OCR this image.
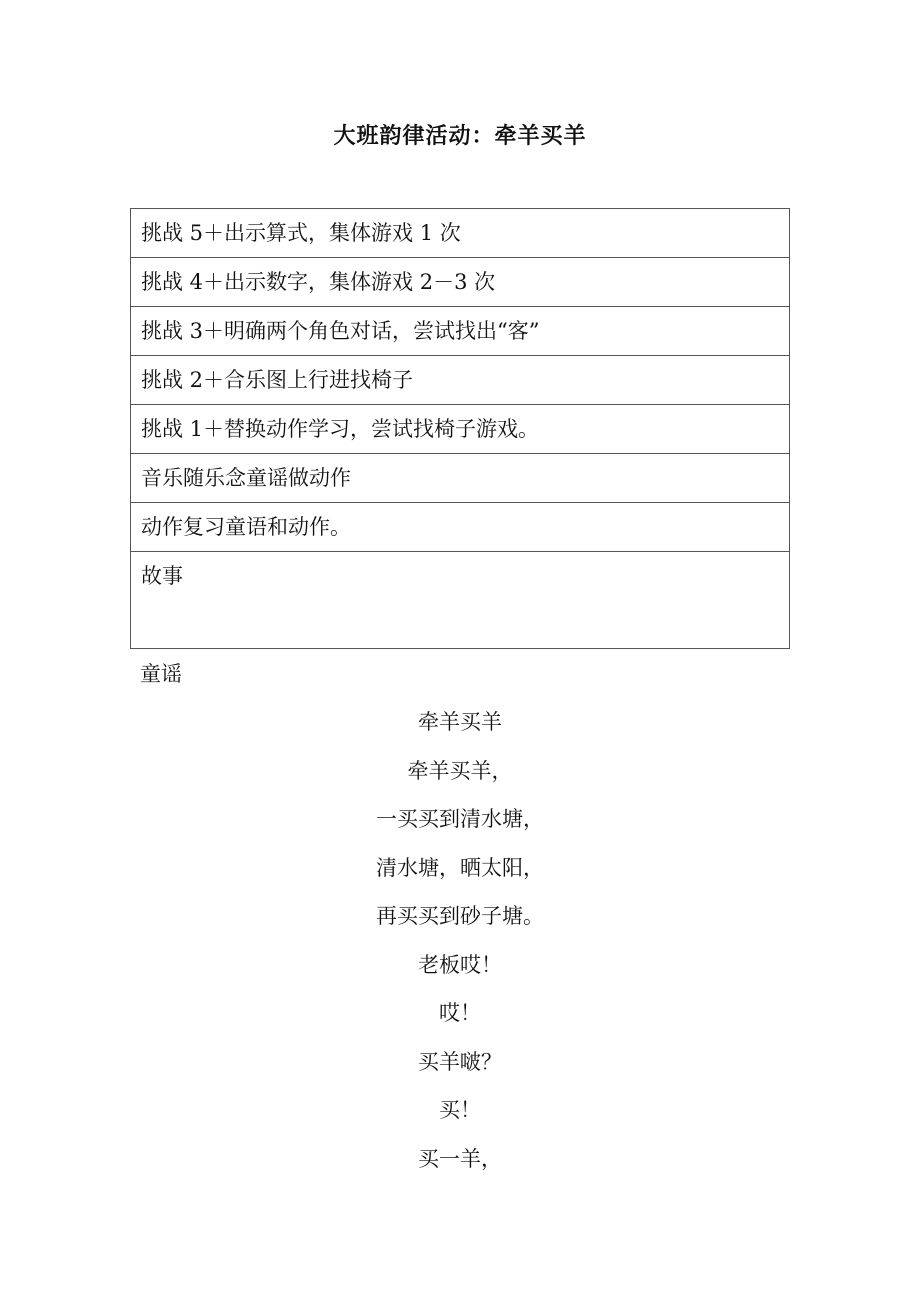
大班韵律活动：牵羊买羊
挑战 5＋出示算式，集体游戏 1 次
挑战 4＋出示数字，集体游戏 2－3 次
挑战 3＋明确两个角色对话，尝试找出“客”
挑战 2＋合乐图上行进找椅子
挑战 1＋替换动作学习，尝试找椅子游戏。
音乐随乐念童谣做动作
动作复习童语和动作。
故事
童谣
牵羊买羊
牵羊买羊，
一买买到清水塘，
清水塘，晒太阳，
再买买到砂子塘。
老板哎！
哎！
买羊啵？
买！
买一羊，
